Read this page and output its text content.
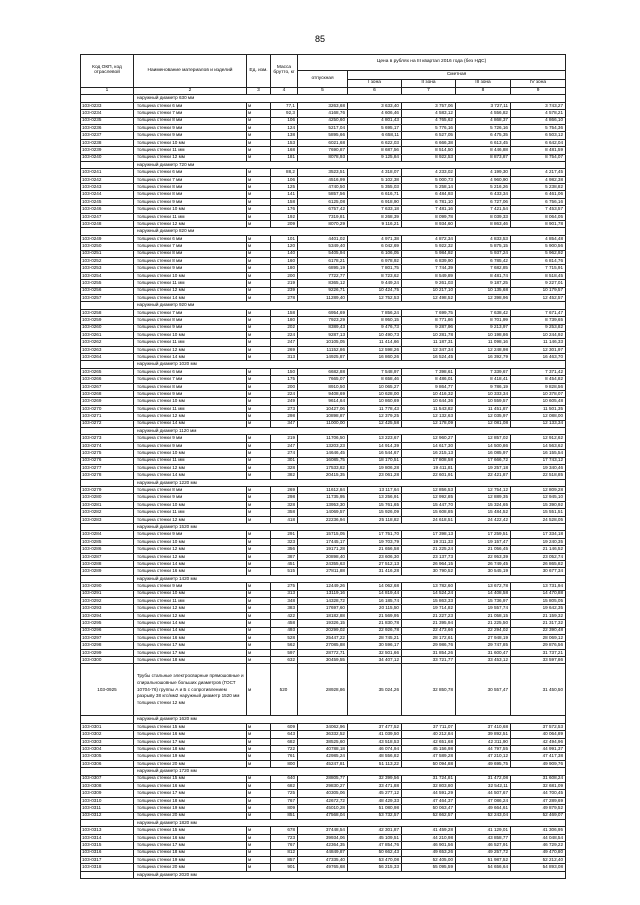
85
Код ОКП, код отраслевой	Наименование материалов и изделий	Ед. изм.	Масса брутто, кг	Цена в рублях на III квартал 2016 года (без НДС)				
				отпускная	Сметная			
					I зона	II зона	III зона	IV зона
1	2	3	4	5	6	7	8	9
	наружный диаметр 630 мм							
103-0233	толщина стенки 6 мм	м	77,1	3263,68	3 633,40	3 757,06	3 727,11	3 743,27
103-0234	толщина стенки 7 мм	м	92,3	4168,76	4 606,46	4 583,12	4 556,82	4 578,21
103-0235	толщина стенки 8 мм	м	106	4250,60	4 801,43	4 765,62	4 868,37	4 866,10
103-0236	толщина стенки 9 мм	м	124	5217,04	5 695,17	5 776,16	5 726,16	5 754,36
103-0237	толщина стенки 9 мм	м	138	5895,66	6 658,11	6 527,05	6 475,35	6 503,12
103-0238	толщина стенки 10 мм	м	153	6021,68	6 622,03	6 666,38	6 613,45	6 642,04
103-0239	толщина стенки 11 мм	м	168	7690,87	8 687,56	8 514,50	8 446,88	8 481,59
103-0240	толщина стенки 12 мм	м	181	8078,93	9 125,84	8 922,53	8 873,87	8 754,07
	наружный диаметр 720 мм							
103-0241	толщина стенки 6 мм	м	88,2	3523,51	4 318,07	4 233,02	4 199,30	4 217,45
103-0242	толщина стенки 7 мм	м	106	4516,99	5 102,38	5 000,73	4 960,90	4 982,38
103-0243	толщина стенки 8 мм	м	125	4740,50	5 355,03	5 258,14	5 216,26	5 238,82
103-0244	толщина стенки 8 мм	м	141	5857,56	6 616,71	6 484,93	6 433,34	6 461,06
103-0245	толщина стенки 9 мм	м	158	6125,08	6 918,90	6 781,10	6 727,06	6 756,16
103-0246	толщина стенки 10 мм	м	176	6757,42	7 633,18	7 481,16	7 421,54	7 453,57
103-0247	толщина стенки 11 мм	м	192	7319,81	8 268,39	8 099,78	8 039,33	8 064,05
103-0248	толщина стенки 12 мм	м	209	8070,29	9 116,21	8 934,60	8 863,46	8 901,78
	наружный диаметр 820 мм							
103-0249	толщина стенки 6 мм	м	101	4401,02	4 971,38	4 872,34	4 833,53	4 854,48
103-0250	толщина стенки 7 мм	м	120	5349,40	6 042,69	5 922,32	5 875,15	5 900,56
103-0251	толщина стенки 8 мм	м	140	5405,94	6 106,05	5 984,92	5 937,24	5 962,92
103-0252	толщина стенки 8 мм	м	160	6178,21	6 978,92	6 839,90	6 785,42	6 814,76
103-0253	толщина стенки 9 мм	м	180	6895,19	7 801,75	7 744,39	7 682,85	7 715,91
103-0254	толщина стенки 10 мм	м	200	7722,77	8 723,62	8 549,89	8 481,74	8 518,45
103-0255	толщина стенки 11 мм	м	219	8365,12	9 449,24	9 261,03	9 187,25	9 227,01
103-0256	толщина стенки 12 мм	м	239	9226,71	10 424,75	10 217,10	10 135,68	10 179,57
103-0257	толщина стенки 14 мм	м	278	11289,40	12 752,53	12 498,52	12 398,96	12 452,57
	наружный диаметр 920 мм							
103-0258	толщина стенки 7 мм	м	158	6954,69	7 856,24	7 699,75	7 638,42	7 671,47
103-0259	толщина стенки 8 мм	м	180	7923,29	8 950,15	8 771,86	8 701,99	8 739,65
103-0260	толщина стенки 9 мм	м	202	8389,43	9 476,73	9 287,96	9 213,97	9 253,82
103-0261	толщина стенки 10 мм	м	224	9287,13	10 490,73	10 281,78	10 198,86	10 244,92
103-0262	толщина стенки 11 мм	м	247	10105,05	11 414,66	11 187,31	11 098,16	11 146,33
103-0263	толщина стенки 12 мм	м	269	11152,86	12 598,26	12 347,34	12 248,98	12 301,97
103-0264	толщина стенки 14 мм	м	313	14925,87	16 860,26	16 524,45	16 392,79	16 463,70
	наружный диаметр 1020 мм							
103-0265	толщина стенки 6 мм	м	150	6682,88	7 548,97	7 398,61	7 339,67	7 371,42
103-0266	толщина стенки 7 мм	м	175	7665,07	8 658,46	8 486,01	8 418,41	8 454,82
103-0267	толщина стенки 8 мм	м	200	8910,50	10 065,27	9 864,77	9 786,19	9 828,56
103-0268	толщина стенки 9 мм	м	224	9408,69	10 628,00	10 416,32	10 333,34	10 378,07
103-0269	толщина стенки 10 мм	м	249	9614,64	10 860,69	10 644,36	10 559,57	10 605,48
103-0270	толщина стенки 11 мм	м	273	10427,06	11 778,43	11 543,82	11 451,87	11 501,35
103-0271	толщина стенки 12 мм	м	298	10898,87	12 379,25	12 132,63	12 035,97	12 088,00
103-0272	толщина стенки 14 мм	м	347	11000,00	12 425,58	12 178,09	12 081,08	12 133,34
	наружный диаметр 1120 мм							
103-0273	толщина стенки 9 мм	м	219	11706,50	13 223,67	12 960,27	12 857,02	12 912,62
103-0274	толщина стенки 9 мм	м	247	13203,23	14 914,39	14 617,30	14 500,86	14 563,62
103-0275	толщина стенки 10 мм	м	274	14646,45	16 544,67	16 215,13	16 085,97	16 155,54
103-0276	толщина стенки 11 мм	м	301	16085,75	18 170,51	17 808,58	17 666,72	17 743,12
103-0277	толщина стенки 12 мм	м	328	17533,82	19 806,28	19 411,81	19 257,18	19 340,46
103-0278	толщина стенки 14 мм	м	382	20415,35	23 061,28	22 601,91	22 421,87	22 518,85
	наружный диаметр 1220 мм							
103-0279	толщина стенки 8 мм	м	269	11612,84	13 117,64	12 856,53	12 754,12	12 809,28
103-0280	толщина стенки 9 мм	м	298	11735,95	13 256,91	12 992,85	12 889,35	12 945,10
103-0281	толщина стенки 10 мм	м	328	13953,30	15 761,65	15 447,70	15 324,65	15 390,92
103-0282	толщина стенки 11 мм	м	358	14069,57	15 926,09	15 608,85	15 484,52	15 551,51
103-0283	толщина стенки 12 мм	м	418	22236,94	25 118,82	24 618,51	24 422,42	24 528,05
	наружный диаметр 1520 мм							
103-0284	толщина стенки 9 мм	м	291	15715,05	17 751,70	17 398,13	17 259,51	17 334,18
103-0285	толщина стенки 10 мм	м	323	17445,17	19 703,79	19 311,33	19 157,47	19 240,35
103-0286	толщина стенки 12 мм	м	356	19171,28	21 656,58	21 225,24	21 056,45	21 146,52
103-0287	толщина стенки 12 мм	м	387	20898,40	23 606,30	23 137,73	22 953,39	23 052,74
103-0288	толщина стенки 14 мм	м	451	24355,63	27 512,13	26 964,15	26 749,45	26 865,82
103-0289	толщина стенки 16 мм	м	515	27811,88	31 416,28	30 790,52	30 545,19	30 677,34
	наружный диаметр 1420 мм							
103-0290	толщина стенки 9 мм	м	275	12449,26	14 062,68	13 782,60	13 672,78	13 731,94
103-0291	толщина стенки 10 мм	м	313	13119,16	14 819,44	14 524,24	14 408,58	14 470,88
103-0292	толщина стенки 11 мм	м	348	14328,72	16 185,74	15 863,33	15 736,97	15 805,05
103-0293	толщина стенки 12 мм	м	383	17697,60	20 115,50	19 714,82	19 557,74	19 642,35
103-0294	толщина стенки 12 мм	м	422	18182,88	21 569,95	21 227,23	21 058,15	21 159,32
103-0295	толщина стенки 14 мм	м	458	19326,15	21 830,78	21 395,94	21 225,50	21 317,32
103-0296	толщина стенки 14 мм	м	493	20299,02	22 926,78	22 473,66	22 294,02	22 390,48
103-0297	толщина стенки 16 мм	м	528	25447,22	28 745,21	28 172,61	27 948,19	28 069,12
103-0298	толщина стенки 17 мм	м	562	27085,88	30 596,17	29 986,76	29 747,85	29 876,56
103-0299	толщина стенки 17 мм	м	597	28772,71	32 501,66	31 854,26	31 600,47	31 737,21
103-0300	толщина стенки 18 мм	м	632	30459,55	34 407,12	33 721,77	33 453,12	33 597,86
103-0925	Трубы стальные электросварные прямошовные и спиральношовные больших диаметров (ГОСТ 10704-76) группы А и Б с сопротивлением разрыву 38 кгс/мм2 наружный диаметр 1520 мм толщина стенки 12 мм	м	520	28928,86	35 024,26	32 850,78	30 557,47	31 450,50
	наружный диаметр 1620 мм							
103-0301	толщина стенки 15 мм	м	609	34062,96	37 477,52	37 711,07	37 410,68	37 572,53
103-0302	толщина стенки 16 мм	м	643	36332,52	41 039,50	40 212,84	39 892,51	40 064,89
103-0303	толщина стенки 17 мм	м	682	38525,60	43 518,53	42 651,68	42 311,90	42 494,96
103-0304	толщина стенки 18 мм	м	722	40788,18	46 074,94	45 156,98	44 797,55	44 991,37
103-0305	толщина стенки 19 мм	м	761	42985,24	48 556,82	47 589,28	47 210,12	47 417,38
103-0306	толщина стенки 20 мм	м	800	45247,81	51 113,22	50 094,88	49 695,75	49 909,76
	наружный диаметр 1720 мм							
103-0307	толщина стенки 15 мм	м	640	28805,77	32 399,56	31 724,81	31 472,08	31 608,24
103-0308	толщина стенки 16 мм	м	682	29830,27	33 471,88	32 803,80	32 542,11	32 681,09
103-0309	толщина стенки 17 мм	м	725	40305,06	45 277,12	44 591,29	44 507,67	44 700,45
103-0310	толщина стенки 18 мм	м	767	42672,72	48 429,33	47 464,37	47 086,24	47 289,69
103-0311	толщина стенки 19 мм	м	809	45010,28	51 080,98	50 063,47	49 664,61	49 879,52
103-0312	толщина стенки 20 мм	м	851	47568,04	53 732,57	52 662,57	52 243,04	52 469,07
	наружный диаметр 1820 мм							
103-0313	толщина стенки 15 мм	м	678	37448,54	42 301,87	41 459,28	41 129,01	41 306,95
103-0314	толщина стенки 16 мм	м	723	39934,06	45 109,51	44 210,98	43 858,77	44 048,54
103-0315	толщина стенки 17 мм	м	767	42364,35	47 854,76	46 901,56	46 527,91	46 729,22
103-0316	толщина стенки 18 мм	м	812	44849,87	50 662,43	49 653,26	49 257,72	49 470,80
103-0317	толщина стенки 19 мм	м	857	47335,40	53 470,08	52 405,00	51 987,52	52 212,40
103-0318	толщина стенки 20 мм	м	901	49765,68	56 215,33	55 095,59	54 656,64	54 893,08
	наружный диаметр 2020 мм							
